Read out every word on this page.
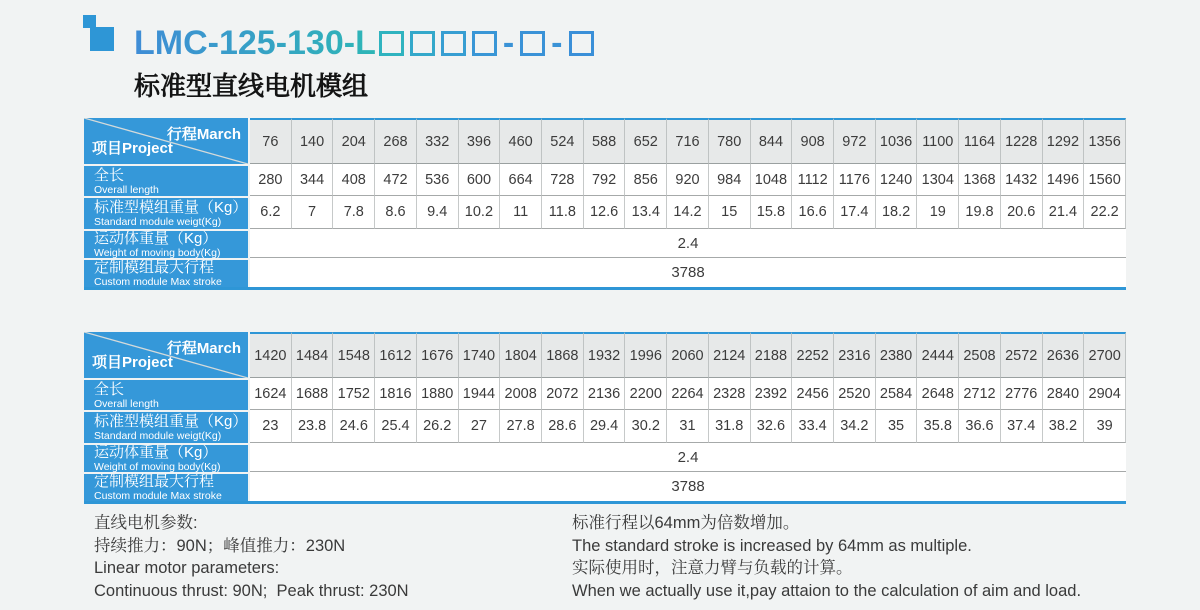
LMC-125-130-L	- -
标准型直线电机模组
行程March
项目Project	76	140	204	268	332	396	460	524	588	652	716	780	844	908	972 1036 1100 1164 1228 1292 1356
全长
Overall length
280	344	408	472	536	600	664	728	792	856	920	984 1048 1112 1176 1240 1304 1368 1432 1496 1560
标准型模组重量（Kg）
Standard module weigt(Kg)
6.2	7	7.8	8.6	9.4	10.2	11	11.8 12.6 13.4 14.2	15	15.8 16.6 17.4 18.2	19	19.8 20.6 21.4 22.2
运动体重量（Kg）
Weight of moving body(Kg)
2.4
定制模组最大行程
Custom module Max stroke
3788
行程March
项目Project	1420 1484 1548 1612 1676 1740 1804 1868 1932 1996 2060 2124 2188 2252 2316 2380 2444 2508 2572 2636 2700
全长
Overall length
1624 1688 1752 1816 1880 1944 2008 2072 2136 2200 2264 2328 2392 2456 2520 2584 2648 2712 2776 2840 2904
标准型模组重量（Kg）
Standard module weigt(Kg)
23	23.8 24.6 25.4 26.2	27	27.8 28.6 29.4 30.2	31	31.8 32.6 33.4 34.2	35	35.8 36.6 37.4 38.2	39
运动体重量（Kg）
Weight of moving body(Kg)
2.4
定制模组最大行程
Custom module Max stroke
3788
直线电机参数:
持续推力：90N；峰值推力：230N
Linear motor parameters:
Continuous thrust: 90N;  Peak thrust: 230N
标准行程以64mm为倍数增加。
The standard stroke is increased by 64mm as multiple.
实际使用时，注意力臂与负载的计算。
When we actually use it,pay attaion to the calculation of aim and load.
